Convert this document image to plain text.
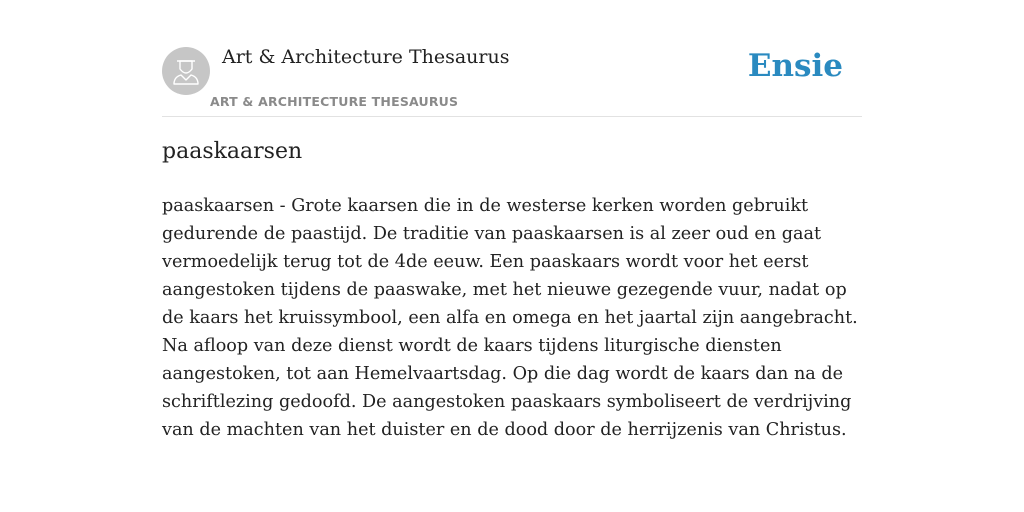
Art & Architecture Thesaurus
ART & ARCHITECTURE THESAURUS
Ensie
paaskaarsen

paaskaarsen - Grote kaarsen die in de westerse kerken worden gebruikt gedurende de paastijd. De traditie van paaskaarsen is al zeer oud en gaat vermoedelijk terug tot de 4de eeuw. Een paaskaars wordt voor het eerst aangestoken tijdens de paaswake, met het nieuwe gezegende vuur, nadat op de kaars het kruissymbool, een alfa en omega en het jaartal zijn aangebracht. Na afloop van deze dienst wordt de kaars tijdens liturgische diensten aangestoken, tot aan Hemelvaartsdag. Op die dag wordt de kaars dan na de schriftlezing gedoofd. De aangestoken paaskaars symboliseert de verdrijving van de machten van het duister en de dood door de herrijzenis van Christus.
